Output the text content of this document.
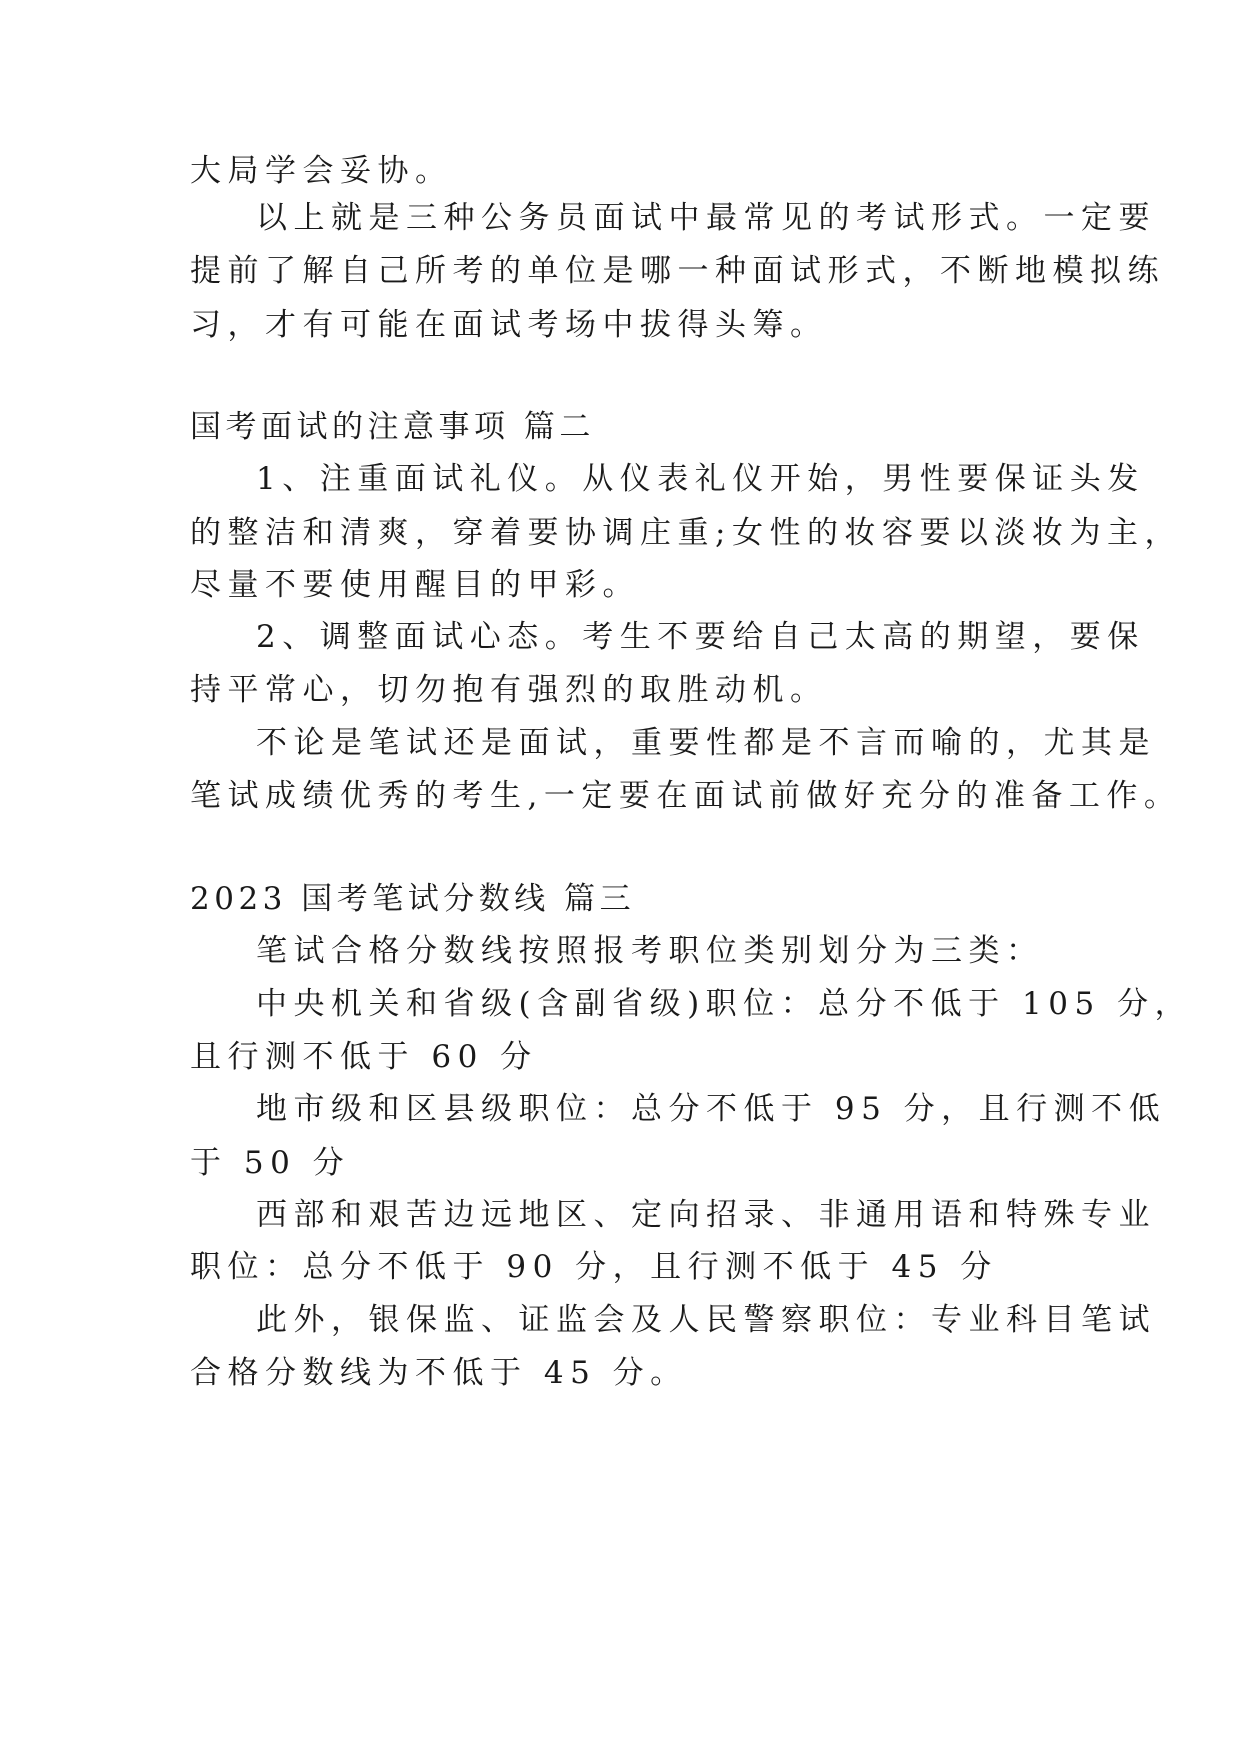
大局学会妥协。
以上就是三种公务员面试中最常见的考试形式。一定要
提前了解自己所考的单位是哪一种面试形式，不断地模拟练
习，才有可能在面试考场中拔得头筹。
国考面试的注意事项 篇二
1、注重面试礼仪。从仪表礼仪开始，男性要保证头发
的整洁和清爽，穿着要协调庄重;女性的妆容要以淡妆为主，
尽量不要使用醒目的甲彩。
2、调整面试心态。考生不要给自己太高的期望，要保
持平常心，切勿抱有强烈的取胜动机。
不论是笔试还是面试，重要性都是不言而喻的，尤其是
笔试成绩优秀的考生,一定要在面试前做好充分的准备工作。
2023 国考笔试分数线 篇三
笔试合格分数线按照报考职位类别划分为三类：
中央机关和省级(含副省级)职位：总分不低于 105 分，
且行测不低于 60 分
地市级和区县级职位：总分不低于 95 分，且行测不低
于 50 分
西部和艰苦边远地区、定向招录、非通用语和特殊专业
职位：总分不低于 90 分，且行测不低于 45 分
此外，银保监、证监会及人民警察职位：专业科目笔试
合格分数线为不低于 45 分。
